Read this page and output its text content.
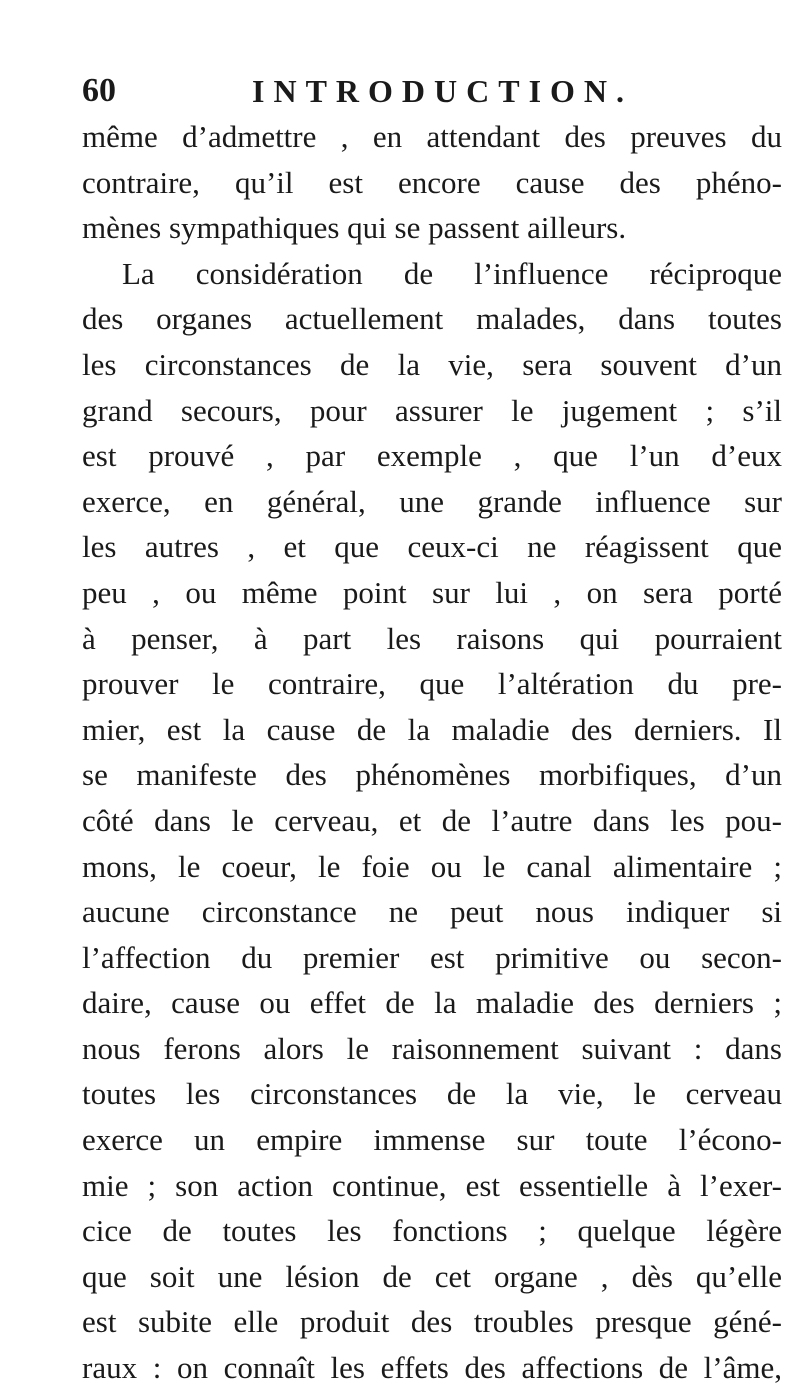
60	INTRODUCTION.
même d’admettre , en attendant des preuves du
contraire, qu’il est encore cause des phéno-
mènes sympathiques qui se passent ailleurs.
La considération de l’influence réciproque
des organes actuellement malades, dans toutes
les circonstances de la vie, sera souvent d’un
grand secours, pour assurer le jugement ; s’il
est prouvé , par exemple , que l’un d’eux
exerce, en général, une grande influence sur
les autres , et que ceux-ci ne réagissent que
peu , ou même point sur lui , on sera porté
à penser, à part les raisons qui pourraient
prouver le contraire, que l’altération du pre-
mier, est la cause de la maladie des derniers. Il
se manifeste des phénomènes morbifiques, d’un
côté dans le cerveau, et de l’autre dans les pou-
mons, le coeur, le foie ou le canal alimentaire ;
aucune circonstance ne peut nous indiquer si
l’affection du premier est primitive ou secon-
daire, cause ou effet de la maladie des derniers ;
nous ferons alors le raisonnement suivant : dans
toutes les circonstances de la vie, le cerveau
exerce un empire immense sur toute l’écono-
mie ; son action continue, est essentielle à l’exer-
cice de toutes les fonctions ; quelque légère
que soit une lésion de cet organe , dès qu’elle
est subite elle produit des troubles presque géné-
raux : on connaît les effets des affections de l’âme,
